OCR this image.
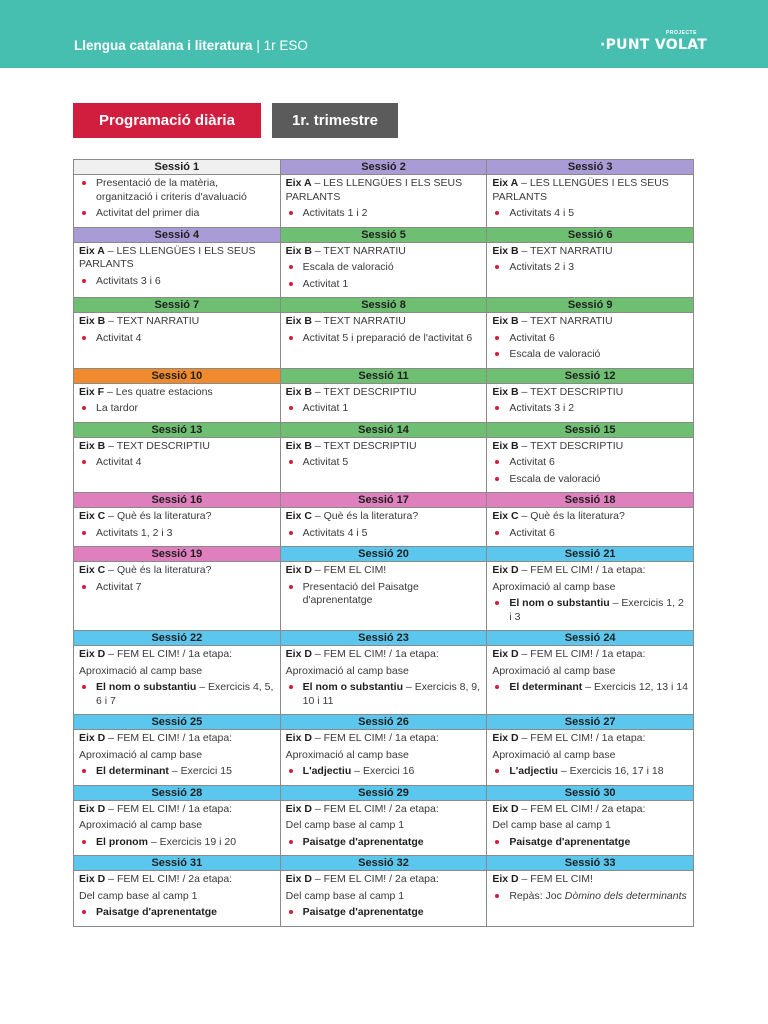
Llengua catalana i literatura | 1r ESO
PROJECTE
·PUNT VOLAT
Programació diària	1r. trimestre
Sessió 1
Presentació de la matèria, organització i criteris d'avaluació
Activitat del primer dia
Sessió 2

Eix A – LES LLENGÜES I ELS SEUS PARLANTS

Activitats 1 i 2
Sessió 3

Eix A – LES LLENGÜES I ELS SEUS PARLANTS

Activitats 4 i 5
Sessió 4

Eix A – LES LLENGÜES I ELS SEUS PARLANTS

Activitats 3 i 6
Sessió 5

Eix B – TEXT NARRATIU

Escala de valoració
Activitat 1
Sessió 6

Eix B – TEXT NARRATIU

Activitats 2 i 3
Sessió 7

Eix B – TEXT NARRATIU

Activitat 4
Sessió 8

Eix B – TEXT NARRATIU

Activitat 5 i preparació de l'activitat 6
Sessió 9

Eix B – TEXT NARRATIU

Activitat 6
Escala de valoració
Sessió 10

Eix F – Les quatre estacions

La tardor
Sessió 11

Eix B – TEXT DESCRIPTIU

Activitat 1
Sessió 12

Eix B – TEXT DESCRIPTIU

Activitats 3 i 2
Sessió 13

Eix B – TEXT DESCRIPTIU

Activitat 4
Sessió 14

Eix B – TEXT DESCRIPTIU

Activitat 5
Sessió 15

Eix B – TEXT DESCRIPTIU

Activitat 6
Escala de valoració
Sessió 16

Eix C – Què és la literatura?

Activitats 1, 2 i 3
Sessió 17

Eix C – Què és la literatura?

Activitats 4 i 5
Sessió 18

Eix C – Què és la literatura?

Activitat 6
Sessió 19

Eix C – Què és la literatura?

Activitat 7
Sessió 20

Eix D – FEM EL CIM!

Presentació del Paisatge d'aprenentatge
Sessió 21

Eix D – FEM EL CIM! / 1a etapa:

Aproximació al camp base

El nom o substantiu – Exercicis 1, 2 i 3
Sessió 22

Eix D – FEM EL CIM! / 1a etapa:

Aproximació al camp base

El nom o substantiu – Exercicis 4, 5, 6 i 7
Sessió 23

Eix D – FEM EL CIM! / 1a etapa:

Aproximació al camp base

El nom o substantiu – Exercicis 8, 9, 10 i 11
Sessió 24

Eix D – FEM EL CIM! / 1a etapa:

Aproximació al camp base

El determinant – Exercicis 12, 13 i 14
Sessió 25

Eix D – FEM EL CIM! / 1a etapa:

Aproximació al camp base

El determinant – Exercici 15
Sessió 26

Eix D – FEM EL CIM! / 1a etapa:

Aproximació al camp base

L'adjectiu – Exercici 16
Sessió 27

Eix D – FEM EL CIM! / 1a etapa:

Aproximació al camp base

L'adjectiu – Exercicis 16, 17 i 18
Sessió 28

Eix D – FEM EL CIM! / 1a etapa:

Aproximació al camp base

El pronom – Exercicis 19 i 20
Sessió 29

Eix D – FEM EL CIM! / 2a etapa:

Del camp base al camp 1

Paisatge d'aprenentatge
Sessió 30

Eix D – FEM EL CIM! / 2a etapa:

Del camp base al camp 1

Paisatge d'aprenentatge
Sessió 31

Eix D – FEM EL CIM! / 2a etapa:

Del camp base al camp 1

Paisatge d'aprenentatge
Sessió 32

Eix D – FEM EL CIM! / 2a etapa:

Del camp base al camp 1

Paisatge d'aprenentatge
Sessió 33

Eix D – FEM EL CIM!

Repàs: Joc Dòmino dels determinants
